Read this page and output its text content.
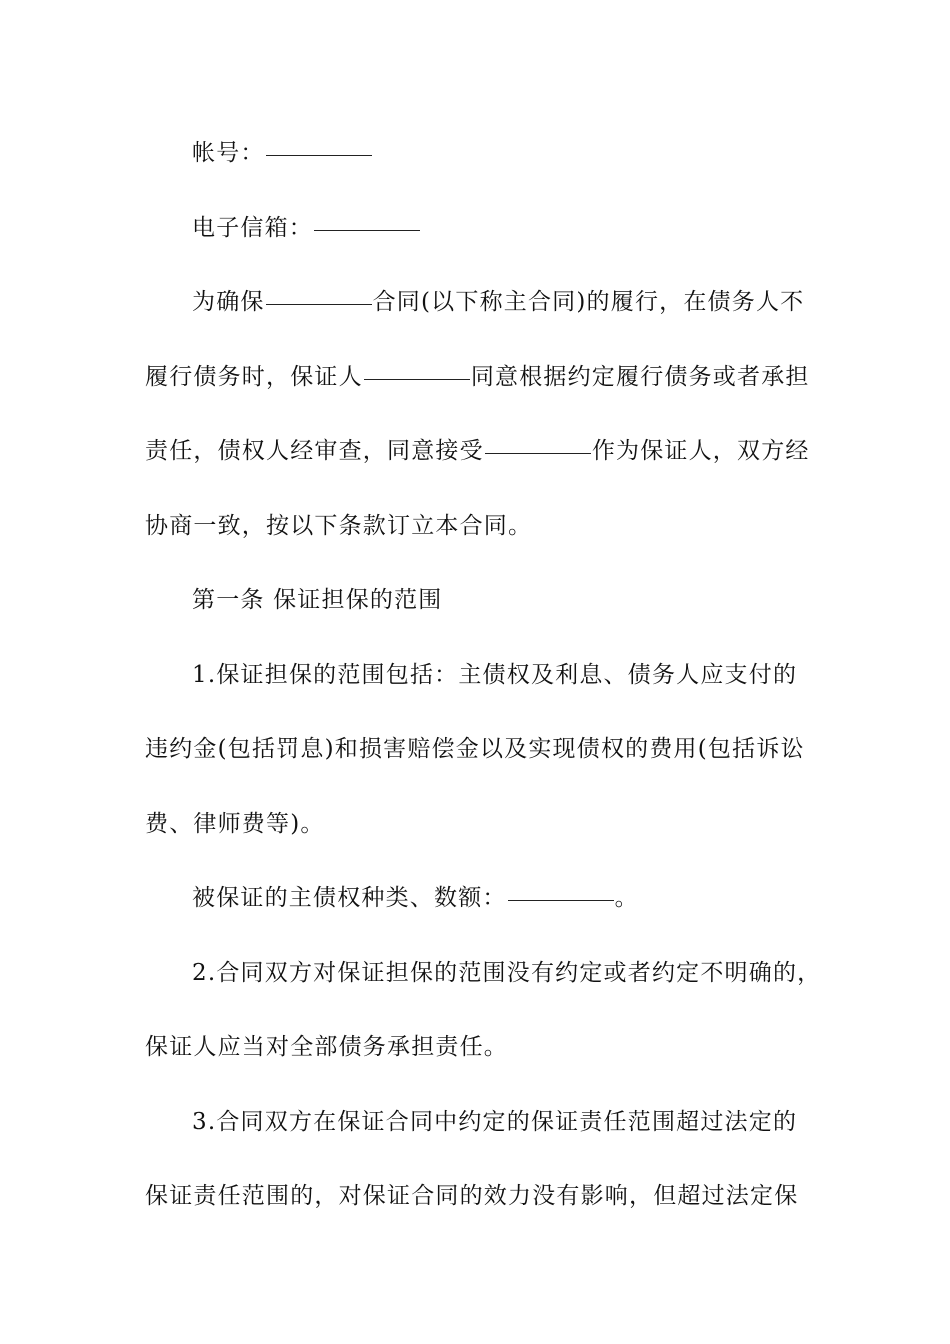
帐号：
电子信箱：
为确保	合同(以下称主合同)的履行，在债务人不
履行债务时，保证人	同意根据约定履行债务或者承担
责任，债权人经审查，同意接受	作为保证人，双方经
协商一致，按以下条款订立本合同。
第一条 保证担保的范围
1.保证担保的范围包括：主债权及利息、债务人应支付的
违约金(包括罚息)和损害赔偿金以及实现债权的费用(包括诉讼
费、律师费等)。
被保证的主债权种类、数额：	。
2.合同双方对保证担保的范围没有约定或者约定不明确的，
保证人应当对全部债务承担责任。
3.合同双方在保证合同中约定的保证责任范围超过法定的
保证责任范围的，对保证合同的效力没有影响，但超过法定保
